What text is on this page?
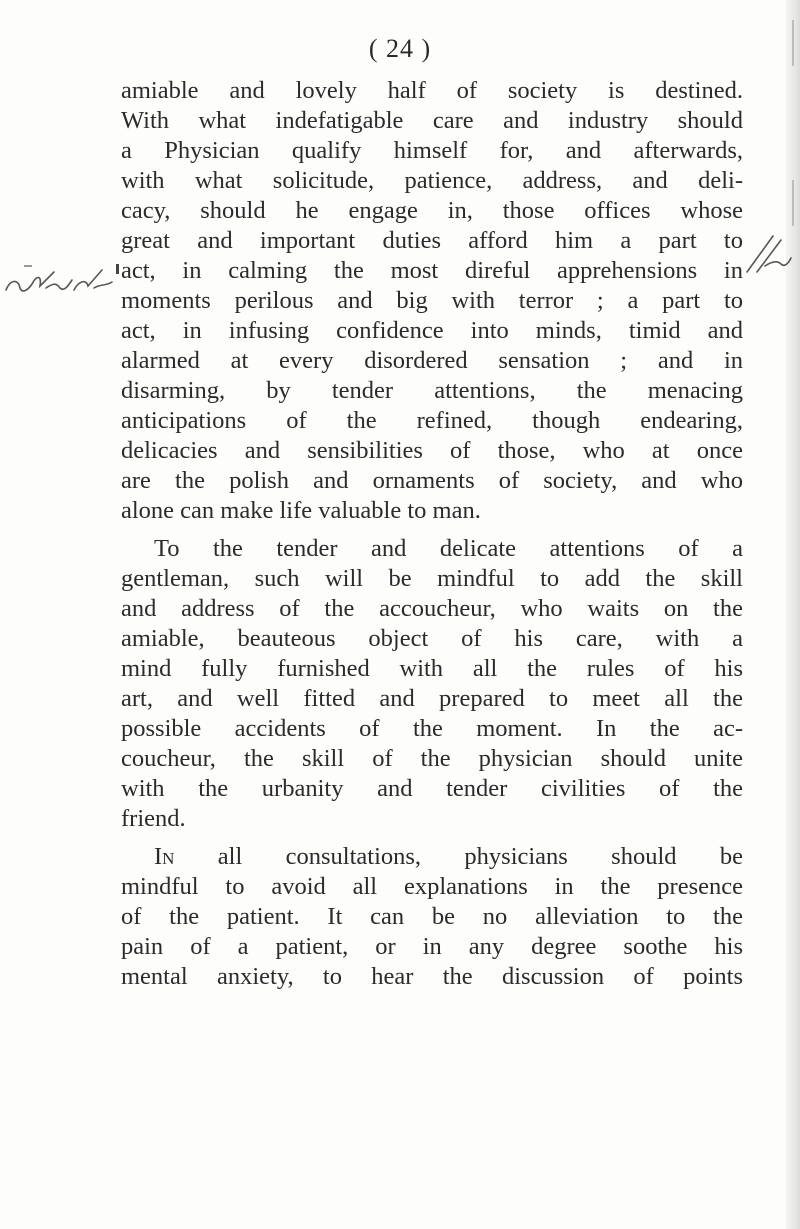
( 24 )
amiable and lovely half of society is destined.
With what indefatigable care and industry should
a Physician qualify himself for, and afterwards,
with what solicitude, patience, address, and deli-
cacy, should he engage in, those offices whose
great and important duties afford him a part to
act, in calming the most direful apprehensions in
moments perilous and big with terror ; a part to
act, in infusing confidence into minds, timid and
alarmed at every disordered sensation ; and in
disarming, by tender attentions, the menacing
anticipations of the refined, though endearing,
delicacies and sensibilities of those, who at once
are the polish and ornaments of society, and who
alone can make life valuable to man.
To the tender and delicate attentions of a
gentleman, such will be mindful to add the skill
and address of the accoucheur, who waits on the
amiable, beauteous object of his care, with a
mind fully furnished with all the rules of his
art, and well fitted and prepared to meet all the
possible accidents of the moment. In the ac-
coucheur, the skill of the physician should unite
with the urbanity and tender civilities of the
friend.
In all consultations, physicians should be
mindful to avoid all explanations in the presence
of the patient. It can be no alleviation to the
pain of a patient, or in any degree soothe his
mental anxiety, to hear the discussion of points
